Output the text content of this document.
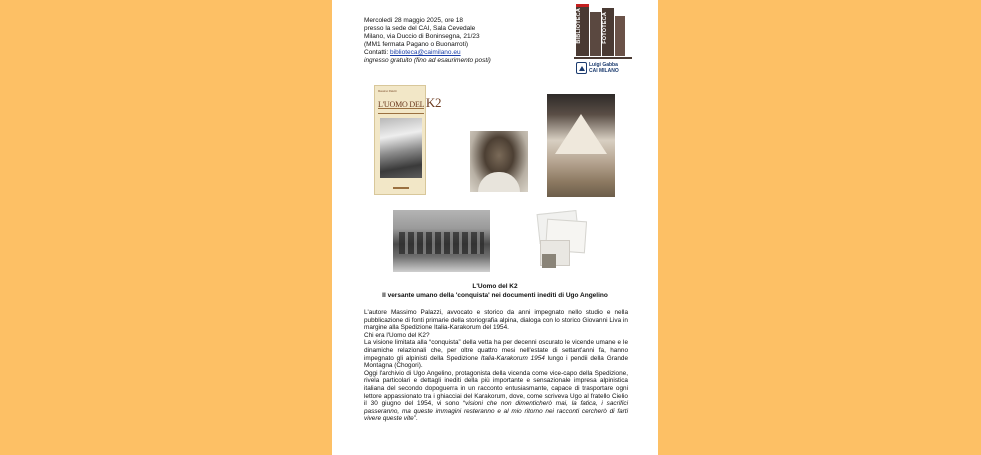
Mercoledì 28 maggio 2025, ore 18
presso la sede del CAI, Sala Cevedale
Milano, via Duccio di Boninsegna, 21/23
(MM1 fermata Pagano o Buonarroti)
Contatti: biblioteca@caimilano.eu
ingresso gratuito (fino ad esaurimento posti)
BIBLIOTECA	FOTOTECA
Luigi Gabba
CAI MILANO
Massimo Palazzi
L'UOMO DEL K2
L'Uomo del K2
Il versante umano della 'conquista' nei documenti inediti di Ugo Angelino

L'autore Massimo Palazzi, avvocato e storico da anni impegnato nello studio e nella pubblicazione di fonti primarie della storiografia alpina, dialoga con lo storico Giovanni Liva in margine alla Spedizione Italia-Karakorum del 1954.

Chi era l'Uomo del K2?

La visione limitata alla “conquista” della vetta ha per decenni oscurato le vicende umane e le dinamiche relazionali che, per oltre quattro mesi nell'estate di settant'anni fa, hanno impegnato gli alpinisti della Spedizione Italia-Karakorum 1954 lungo i pendii della Grande Montagna (Chogori).

Oggi l'archivio di Ugo Angelino, protagonista della vicenda come vice-capo della Spedizione, rivela particolari e dettagli inediti della più importante e sensazionale impresa alpinistica italiana del secondo dopoguerra in un racconto entusiasmante, capace di trasportare ogni lettore appassionato tra i ghiacciai del Karakorum, dove, come scriveva Ugo al fratello Cielio il 30 giugno del 1954, vi sono “visioni che non dimenticherò mai, la fatica, i sacrifici passeranno, ma queste immagini resteranno e al mio ritorno nei racconti cercherò di farti vivere queste vite”.
